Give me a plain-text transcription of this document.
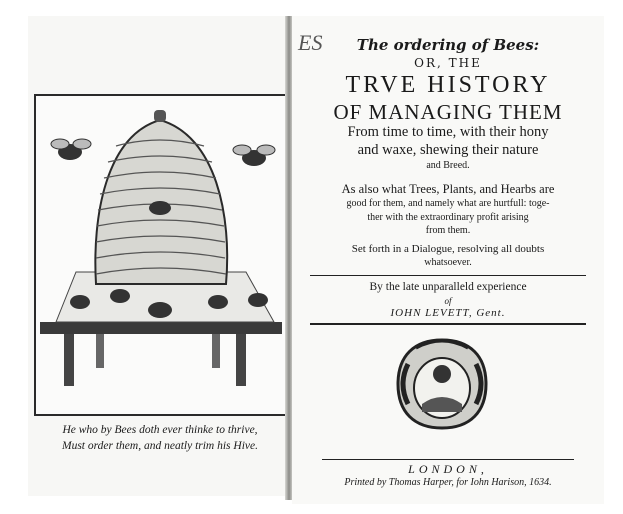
He who by Bees doth ever thinke to thrive,
Must order them, and neatly trim his Hive.
ES	The ordering of Bees:
OR, THE
TRVE HISTORY
OF MANAGING THEM
From time to time, with their hony
and waxe, shewing their nature
and Breed.
As also what Trees, Plants, and Hearbs are
good for them, and namely what are hurtfull: toge-
ther with the extraordinary profit arising
from them.
Set forth in a Dialogue, resolving all doubts
whatsoever.
By the late unparalleld experience
of
IOHN LEVETT, Gent.
LONDON,
Printed by Thomas Harper, for Iohn Harison, 1634.
